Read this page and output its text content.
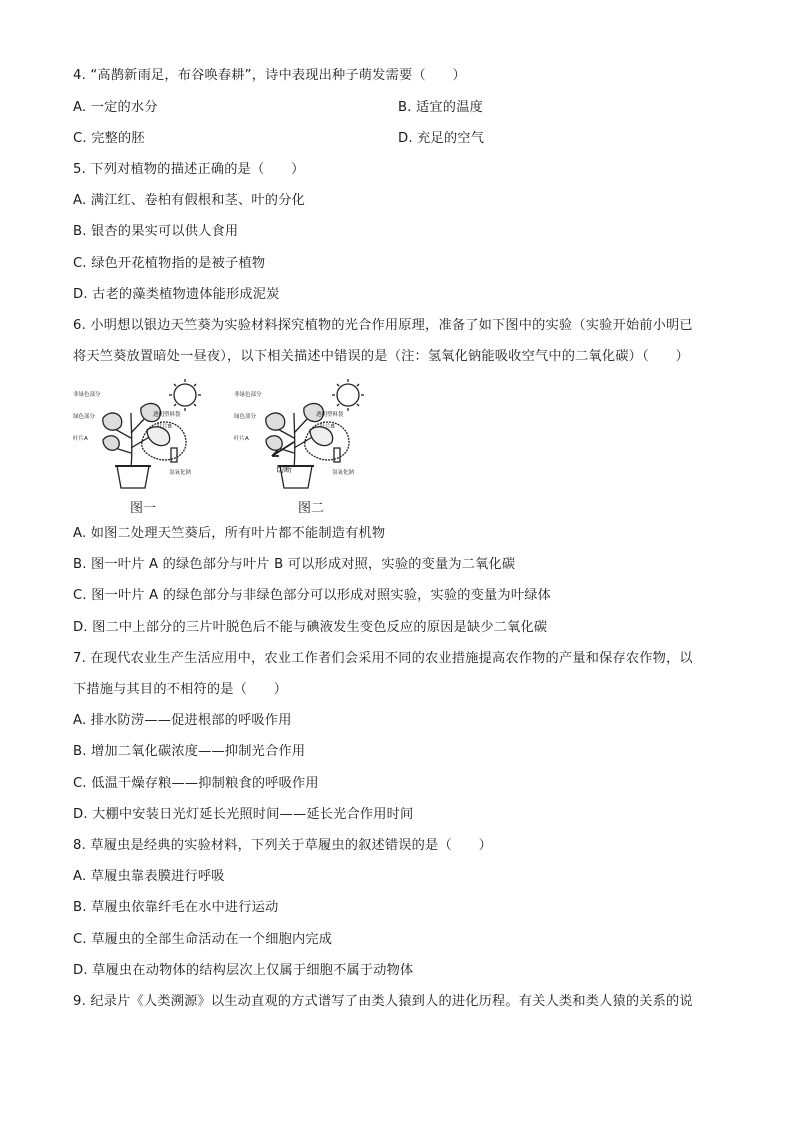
4. “高鹊新雨足，布谷唤春耕”，诗中表现出种子萌发需要（　　）
A. 一定的水分	B. 适宜的温度
C. 完整的胚	D. 充足的空气
5. 下列对植物的描述正确的是（　　）
A. 满江红、卷柏有假根和茎、叶的分化
B. 银杏的果实可以供人食用
C. 绿色开花植物指的是被子植物
D. 古老的藻类植物遗体能形成泥炭
6. 小明想以银边天竺葵为实验材料探究植物的光合作用原理，准备了如下图中的实验（实验开始前小明已
将天竺葵放置暗处一昼夜），以下相关描述中错误的是（注：氢氧化钠能吸收空气中的二氧化碳）（　　）
非绿色部分
透明塑料袋
绿色部分
叶片B
叶片A
氢氧化钠
图一
非绿色部分
透明塑料袋
绿色部分
叶片B
叶片A
氢氧化钠
切断
图二
A. 如图二处理天竺葵后，所有叶片都不能制造有机物
B. 图一叶片 A 的绿色部分与叶片 B 可以形成对照，实验的变量为二氧化碳
C. 图一叶片 A 的绿色部分与非绿色部分可以形成对照实验，实验的变量为叶绿体
D. 图二中上部分的三片叶脱色后不能与碘液发生变色反应的原因是缺少二氧化碳
7. 在现代农业生产生活应用中，农业工作者们会采用不同的农业措施提高农作物的产量和保存农作物，以
下措施与其目的不相符的是（　　）
A. 排水防涝——促进根部的呼吸作用
B. 增加二氧化碳浓度——抑制光合作用
C. 低温干燥存粮——抑制粮食的呼吸作用
D. 大棚中安装日光灯延长光照时间——延长光合作用时间
8. 草履虫是经典的实验材料，下列关于草履虫的叙述错误的是（　　）
A. 草履虫靠表膜进行呼吸
B. 草履虫依靠纤毛在水中进行运动
C. 草履虫的全部生命活动在一个细胞内完成
D. 草履虫在动物体的结构层次上仅属于细胞不属于动物体
9. 纪录片《人类溯源》以生动直观的方式谱写了由类人猿到人的进化历程。有关人类和类人猿的关系的说
